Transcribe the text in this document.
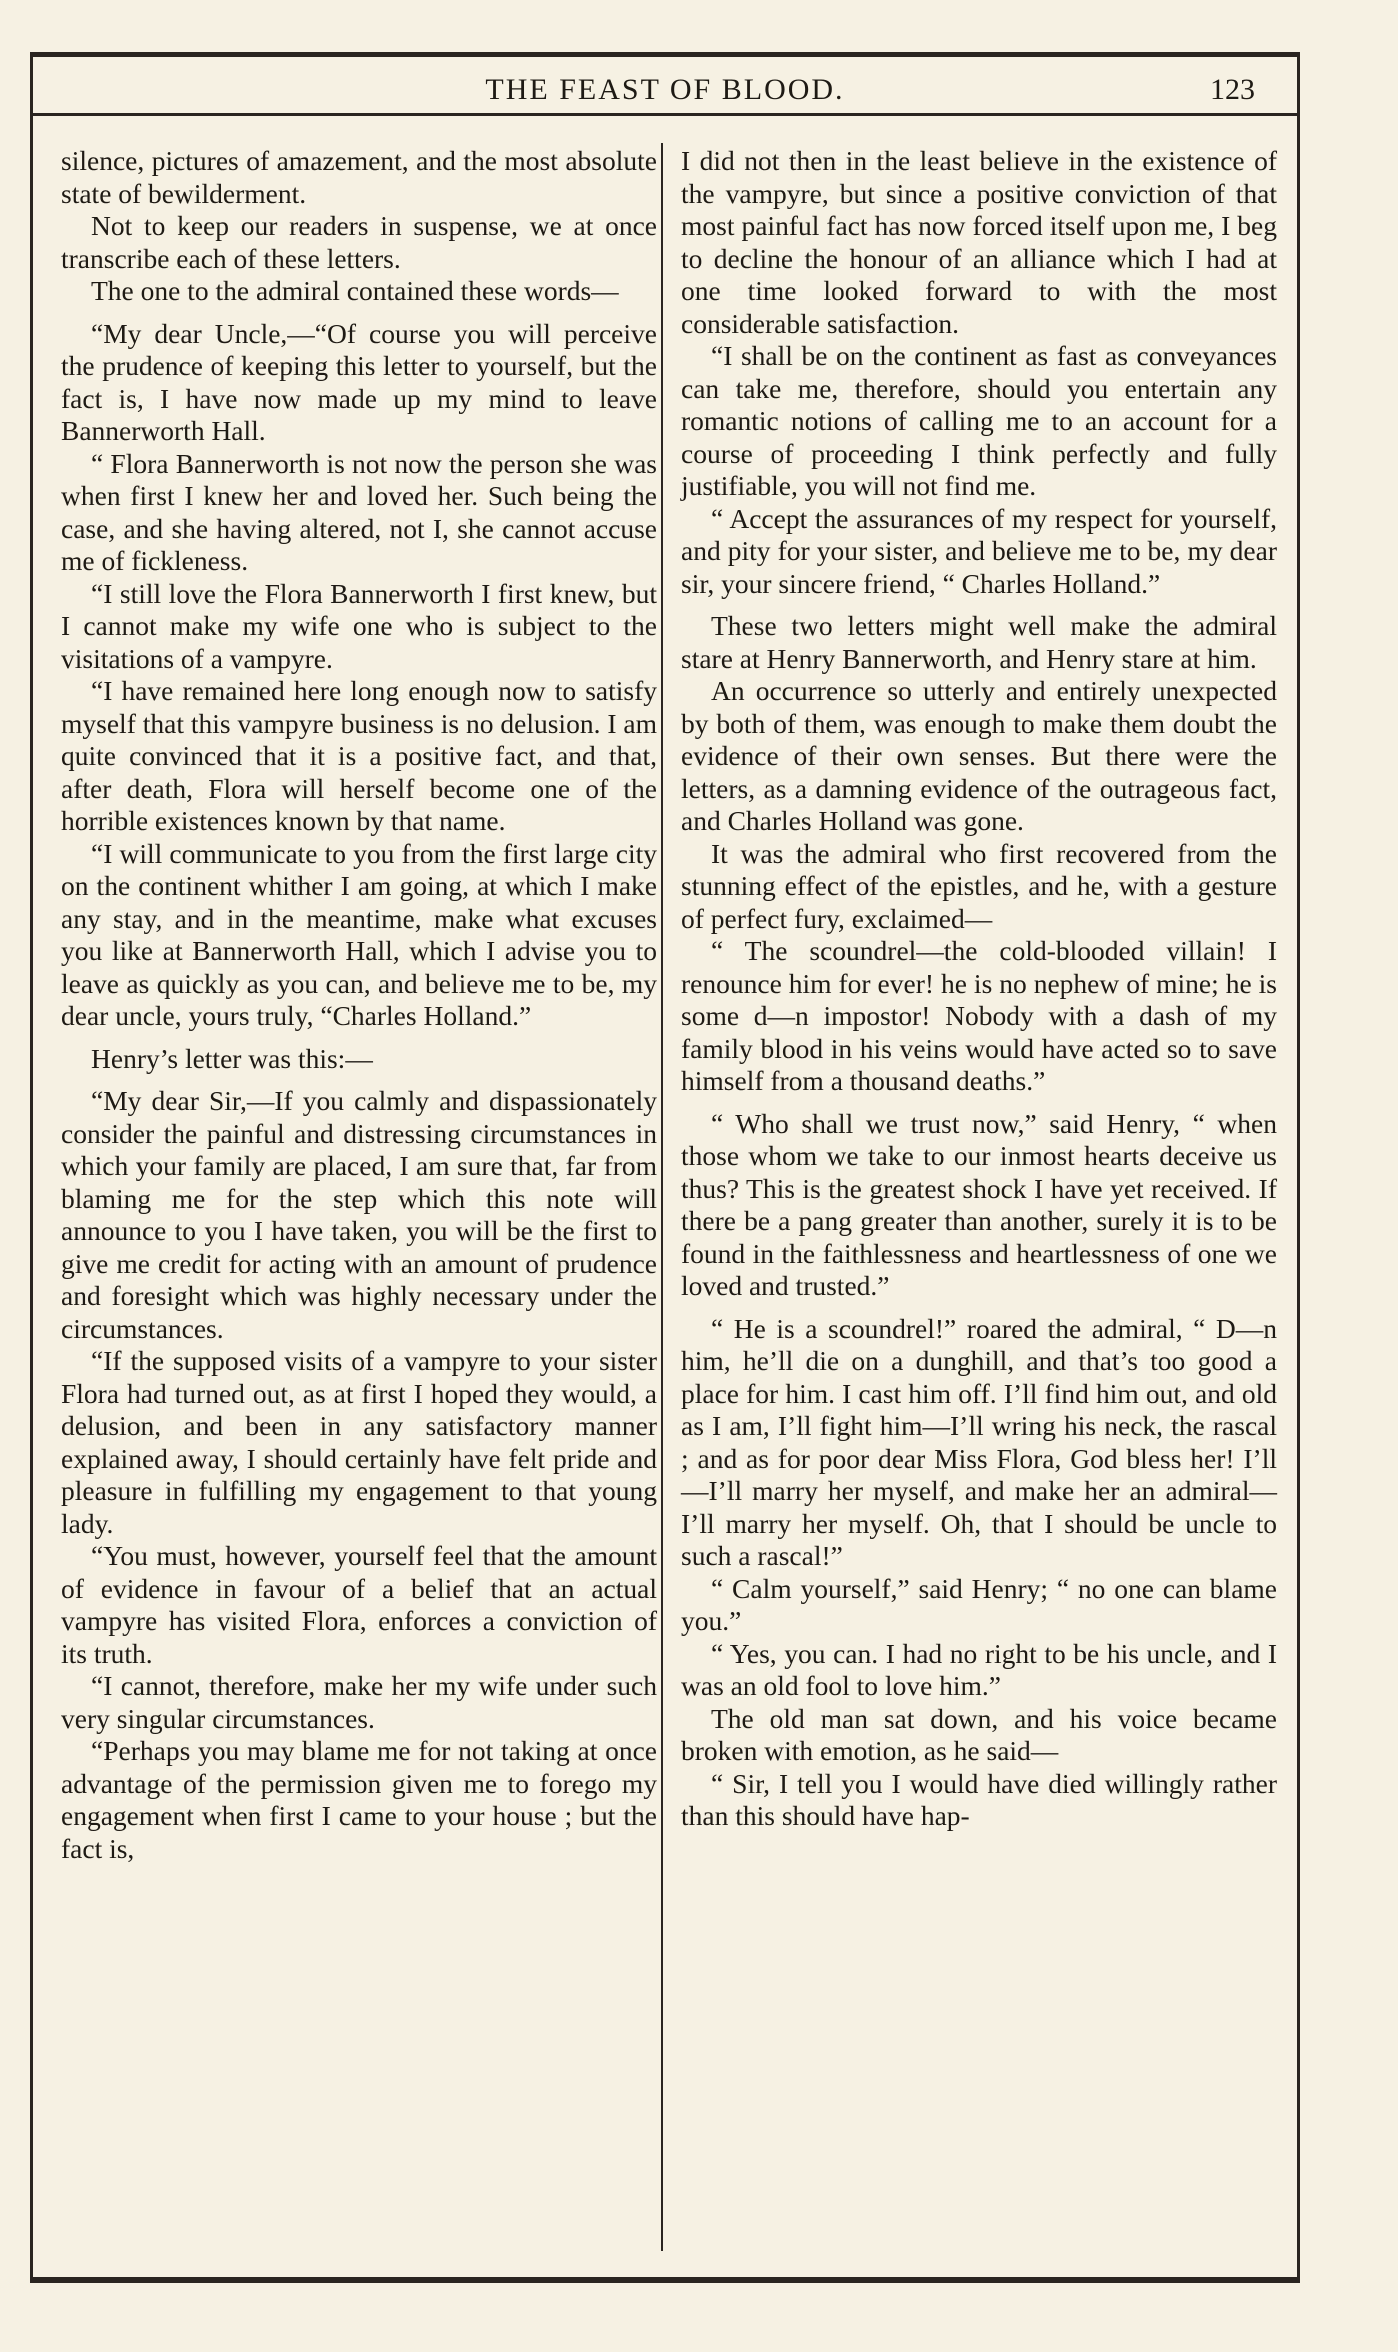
THE FEAST OF BLOOD.	123

silence, pictures of amazement, and the most absolute state of bewilderment.

Not to keep our readers in suspense, we at once transcribe each of these letters.

The one to the admiral contained these words—

“My dear Uncle,—“Of course you will perceive the prudence of keeping this letter to yourself, but the fact is, I have now made up my mind to leave Bannerworth Hall.

“ Flora Bannerworth is not now the person she was when first I knew her and loved her. Such being the case, and she having altered, not I, she cannot accuse me of fickleness.

“I still love the Flora Bannerworth I first knew, but I cannot make my wife one who is subject to the visitations of a vampyre.

“I have remained here long enough now to satisfy myself that this vampyre business is no delusion. I am quite convinced that it is a positive fact, and that, after death, Flora will herself become one of the horrible existences known by that name.

“I will communicate to you from the first large city on the continent whither I am going, at which I make any stay, and in the meantime, make what excuses you like at Bannerworth Hall, which I advise you to leave as quickly as you can, and believe me to be, my dear uncle, yours truly, “Charles Holland.”

Henry’s letter was this:—

“My dear Sir,—If you calmly and dispassionately consider the painful and distressing circumstances in which your family are placed, I am sure that, far from blaming me for the step which this note will announce to you I have taken, you will be the first to give me credit for acting with an amount of prudence and foresight which was highly necessary under the circumstances.

“If the supposed visits of a vampyre to your sister Flora had turned out, as at first I hoped they would, a delusion, and been in any satisfactory manner explained away, I should certainly have felt pride and pleasure in fulfilling my engagement to that young lady.

“You must, however, yourself feel that the amount of evidence in favour of a belief that an actual vampyre has visited Flora, enforces a conviction of its truth.

“I cannot, therefore, make her my wife under such very singular circumstances.

“Perhaps you may blame me for not taking at once advantage of the permission given me to forego my engagement when first I came to your house ; but the fact is,

I did not then in the least believe in the existence of the vampyre, but since a positive conviction of that most painful fact has now forced itself upon me, I beg to decline the honour of an alliance which I had at one time looked forward to with the most considerable satisfaction.

“I shall be on the continent as fast as conveyances can take me, therefore, should you entertain any romantic notions of calling me to an account for a course of proceeding I think perfectly and fully justifiable, you will not find me.

“ Accept the assurances of my respect for yourself, and pity for your sister, and believe me to be, my dear sir, your sincere friend, “ Charles Holland.”

These two letters might well make the admiral stare at Henry Bannerworth, and Henry stare at him.

An occurrence so utterly and entirely unexpected by both of them, was enough to make them doubt the evidence of their own senses. But there were the letters, as a damning evidence of the outrageous fact, and Charles Holland was gone.

It was the admiral who first recovered from the stunning effect of the epistles, and he, with a gesture of perfect fury, exclaimed—

“ The scoundrel—the cold-blooded villain! I renounce him for ever! he is no nephew of mine; he is some d—n impostor! Nobody with a dash of my family blood in his veins would have acted so to save himself from a thousand deaths.”

“ Who shall we trust now,” said Henry, “ when those whom we take to our inmost hearts deceive us thus? This is the greatest shock I have yet received. If there be a pang greater than another, surely it is to be found in the faithlessness and heartlessness of one we loved and trusted.”

“ He is a scoundrel!” roared the admiral, “ D—n him, he’ll die on a dunghill, and that’s too good a place for him. I cast him off. I’ll find him out, and old as I am, I’ll fight him—I’ll wring his neck, the rascal ; and as for poor dear Miss Flora, God bless her! I’ll—I’ll marry her myself, and make her an admiral—I’ll marry her myself. Oh, that I should be uncle to such a rascal!”

“ Calm yourself,” said Henry; “ no one can blame you.”

“ Yes, you can. I had no right to be his uncle, and I was an old fool to love him.”

The old man sat down, and his voice became broken with emotion, as he said—

“ Sir, I tell you I would have died willingly rather than this should have hap-
